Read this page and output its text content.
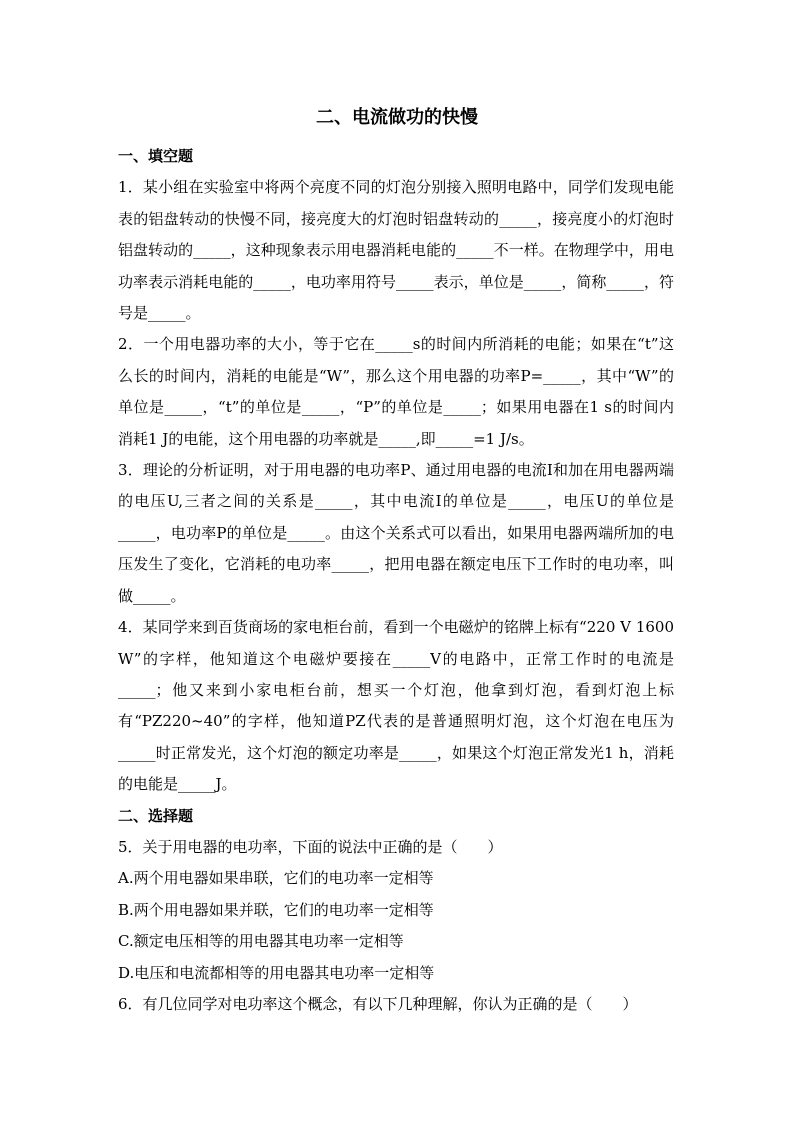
二、电流做功的快慢
一、填空题

1．某小组在实验室中将两个亮度不同的灯泡分别接入照明电路中，同学们发现电能表的铝盘转动的快慢不同，接亮度大的灯泡时铝盘转动的_____，接亮度小的灯泡时铝盘转动的_____，这种现象表示用电器消耗电能的_____不一样。在物理学中，用电功率表示消耗电能的_____，电功率用符号_____表示，单位是_____，简称_____，符号是_____。

2．一个用电器功率的大小，等于它在_____s的时间内所消耗的电能；如果在“t”这么长的时间内，消耗的电能是“W”，那么这个用电器的功率P=_____，其中“W”的单位是_____，“t”的单位是_____，“P”的单位是_____；如果用电器在1 s的时间内消耗1 J的电能，这个用电器的功率就是_____,即_____=1 J/s。

3．理论的分析证明，对于用电器的电功率P、通过用电器的电流I和加在用电器两端的电压U,三者之间的关系是_____，其中电流I的单位是_____，电压U的单位是_____，电功率P的单位是_____。由这个关系式可以看出，如果用电器两端所加的电压发生了变化，它消耗的电功率_____，把用电器在额定电压下工作时的电功率，叫做_____。

4．某同学来到百货商场的家电柜台前，看到一个电磁炉的铭牌上标有“220 V 1600 W”的字样，他知道这个电磁炉要接在_____V的电路中，正常工作时的电流是_____；他又来到小家电柜台前，想买一个灯泡，他拿到灯泡，看到灯泡上标有“PZ220~40”的字样，他知道PZ代表的是普通照明灯泡，这个灯泡在电压为_____时正常发光，这个灯泡的额定功率是_____，如果这个灯泡正常发光1 h，消耗的电能是_____J。

二、选择题

5．关于用电器的电功率，下面的说法中正确的是（　　）

A.两个用电器如果串联，它们的电功率一定相等

B.两个用电器如果并联，它们的电功率一定相等

C.额定电压相等的用电器其电功率一定相等

D.电压和电流都相等的用电器其电功率一定相等

6．有几位同学对电功率这个概念，有以下几种理解，你认为正确的是（　　）
